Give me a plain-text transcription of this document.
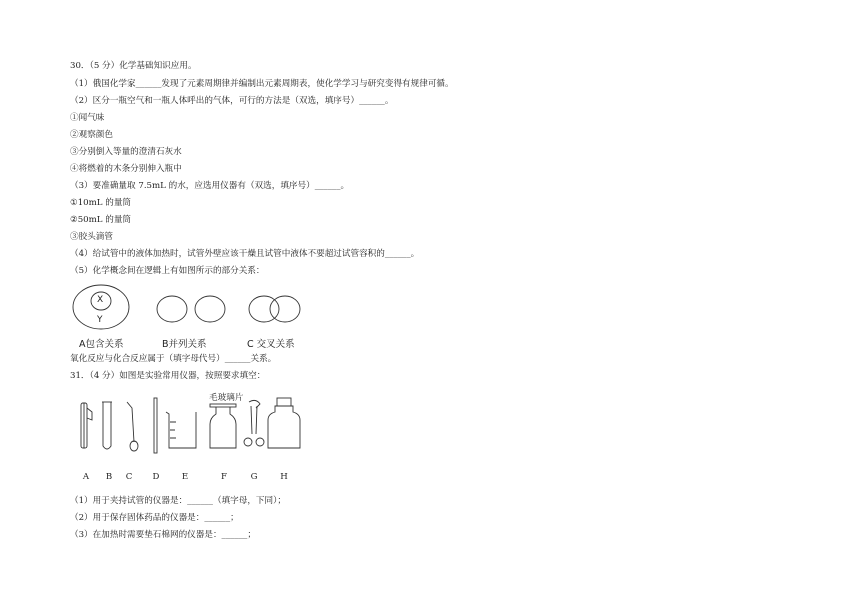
30．（5 分）化学基础知识应用。
（1）俄国化学家______发现了元素周期律并编制出元素周期表，使化学学习与研究变得有规律可循。
（2）区分一瓶空气和一瓶人体呼出的气体，可行的方法是（双选，填序号）______。
①闻气味
②观察颜色
③分别倒入等量的澄清石灰水
④将燃着的木条分别伸入瓶中
（3）要准确量取 7.5mL 的水，应选用仪器有（双选，填序号）______。
①10mL 的量筒
②50mL 的量筒
③胶头滴管
（4）给试管中的液体加热时，试管外壁应该干燥且试管中液体不要超过试管容积的______。
（5）化学概念间在逻辑上有如图所示的部分关系：
X
Y
A包含关系	B并列关系	C 交叉关系
氧化反应与化合反应属于（填字母代号）______关系。
31．（4 分）如图是实验常用仪器，按照要求填空：
毛玻璃片
A	B	C	D	E	F	G	H
（1）用于夹持试管的仪器是：______（填字母，下同）；
（2）用于保存固体药品的仪器是：______；
（3）在加热时需要垫石棉网的仪器是：______；
